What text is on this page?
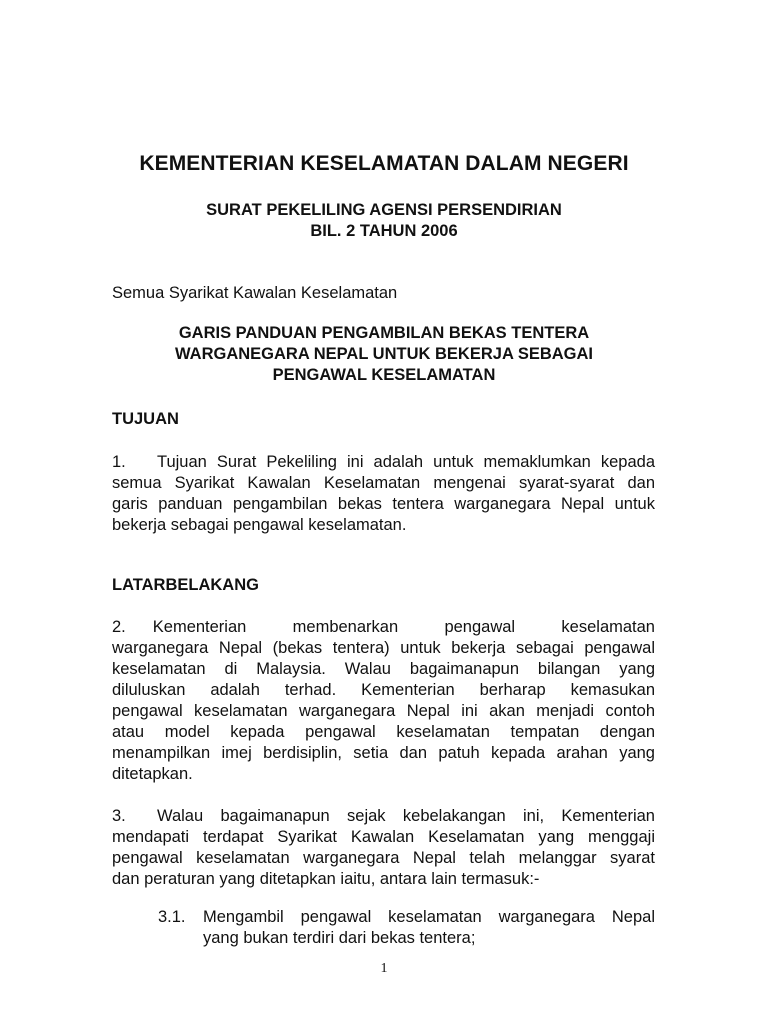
KEMENTERIAN KESELAMATAN DALAM NEGERI
SURAT PEKELILING AGENSI PERSENDIRIAN
BIL. 2 TAHUN 2006
Semua Syarikat Kawalan Keselamatan
GARIS PANDUAN PENGAMBILAN BEKAS TENTERA
WARGANEGARA NEPAL UNTUK BEKERJA SEBAGAI
PENGAWAL KESELAMATAN
TUJUAN
1. Tujuan Surat Pekeliling ini adalah untuk memaklumkan kepada
semua Syarikat Kawalan Keselamatan mengenai syarat-syarat dan
garis panduan pengambilan bekas tentera warganegara Nepal untuk
bekerja sebagai pengawal keselamatan.
LATARBELAKANG
2. Kementerian membenarkan pengawal keselamatan
warganegara Nepal (bekas tentera) untuk bekerja sebagai pengawal
keselamatan di Malaysia. Walau bagaimanapun bilangan yang
diluluskan adalah terhad. Kementerian berharap kemasukan
pengawal keselamatan warganegara Nepal ini akan menjadi contoh
atau model kepada pengawal keselamatan tempatan dengan
menampilkan imej berdisiplin, setia dan patuh kepada arahan yang
ditetapkan.
3. Walau bagaimanapun sejak kebelakangan ini, Kementerian
mendapati terdapat Syarikat Kawalan Keselamatan yang menggaji
pengawal keselamatan warganegara Nepal telah melanggar syarat
dan peraturan yang ditetapkan iaitu, antara lain termasuk:-
3.1. Mengambil pengawal keselamatan warganegara Nepal
yang bukan terdiri dari bekas tentera;
1
